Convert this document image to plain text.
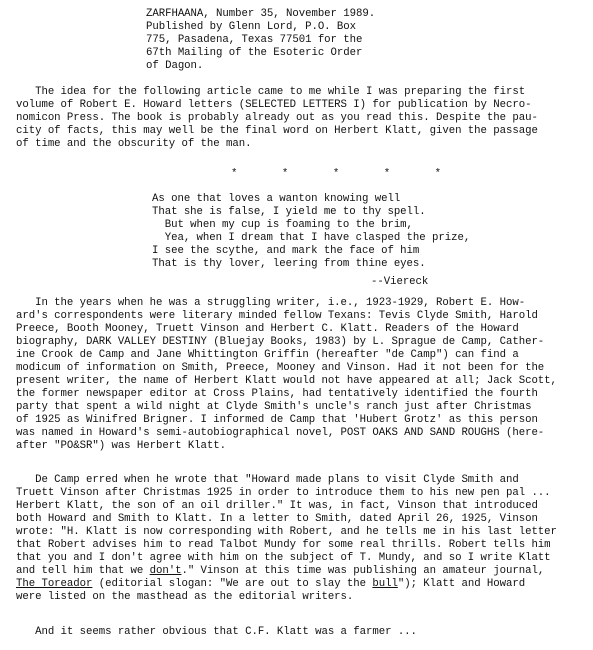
ZARFHAANA, Number 35, November 1989.
Published by Glenn Lord, P.O. Box
775, Pasadena, Texas 77501 for the
67th Mailing of the Esoteric Order
of Dagon.
The idea for the following article came to me while I was preparing the first
volume of Robert E. Howard letters (SELECTED LETTERS I) for publication by Necro-
nomicon Press. The book is probably already out as you read this. Despite the pau-
city of facts, this may well be the final word on Herbert Klatt, given the passage
of time and the obscurity of the man.
*       *       *       *       *
As one that loves a wanton knowing well
That she is false, I yield me to thy spell.
But when my cup is foaming to the brim,
Yea, when I dream that I have clasped the prize,
I see the scythe, and mark the face of him
That is thy lover, leering from thine eyes.
--Viereck
In the years when he was a struggling writer, i.e., 1923-1929, Robert E. How-
ard's correspondents were literary minded fellow Texans: Tevis Clyde Smith, Harold
Preece, Booth Mooney, Truett Vinson and Herbert C. Klatt. Readers of the Howard
biography, DARK VALLEY DESTINY (Bluejay Books, 1983) by L. Sprague de Camp, Cather-
ine Crook de Camp and Jane Whittington Griffin (hereafter "de Camp") can find a
modicum of information on Smith, Preece, Mooney and Vinson. Had it not been for the
present writer, the name of Herbert Klatt would not have appeared at all; Jack Scott,
the former newspaper editor at Cross Plains, had tentatively identified the fourth
party that spent a wild night at Clyde Smith's uncle's ranch just after Christmas
of 1925 as Winifred Brigner. I informed de Camp that 'Hubert Grotz' as this person
was named in Howard's semi-autobiographical novel, POST OAKS AND SAND ROUGHS (here-
after "PO&SR") was Herbert Klatt.
De Camp erred when he wrote that "Howard made plans to visit Clyde Smith and
Truett Vinson after Christmas 1925 in order to introduce them to his new pen pal ...
Herbert Klatt, the son of an oil driller." It was, in fact, Vinson that introduced
both Howard and Smith to Klatt. In a letter to Smith, dated April 26, 1925, Vinson
wrote: "H. Klatt is now corresponding with Robert, and he tells me in his last letter
that Robert advises him to read Talbot Mundy for some real thrills. Robert tells him
that you and I don't agree with him on the subject of T. Mundy, and so I write Klatt
and tell him that we don't." Vinson at this time was publishing an amateur journal,
The Toreador (editorial slogan: "We are out to slay the bull"); Klatt and Howard
were listed on the masthead as the editorial writers.
And it seems rather obvious that C.F. Klatt was a farmer ...
